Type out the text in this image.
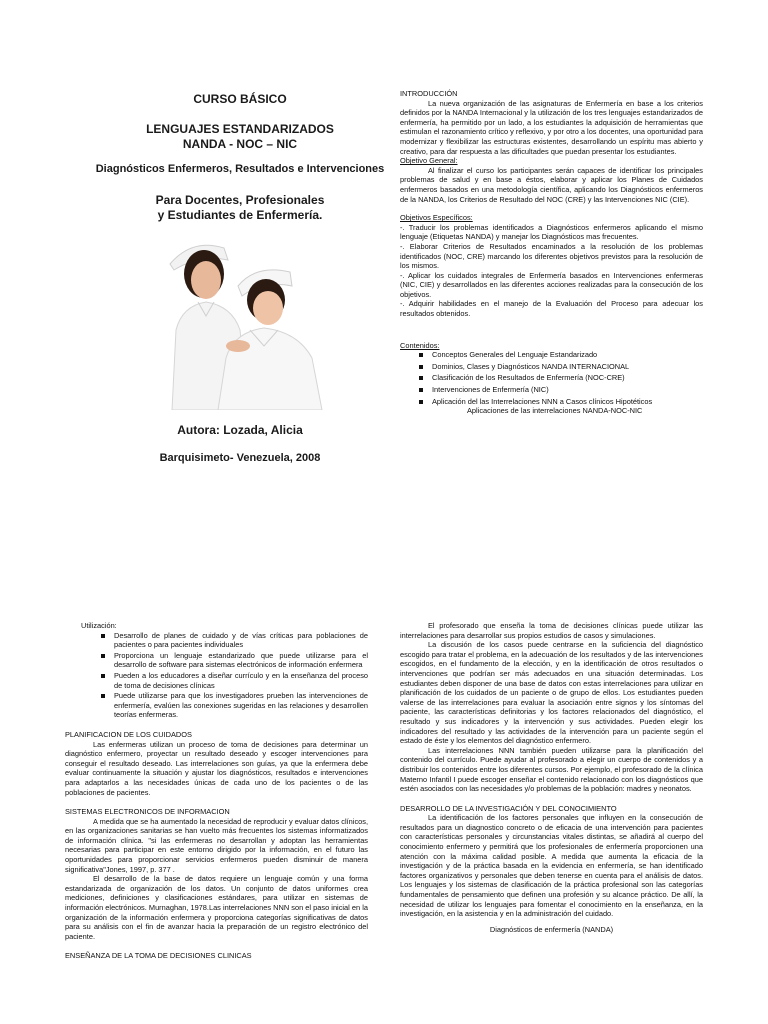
CURSO BÁSICO
LENGUAJES ESTANDARIZADOS
NANDA - NOC – NIC
Diagnósticos Enfermeros, Resultados e Intervenciones
Para Docentes, Profesionales
y Estudiantes de Enfermería.
Autora: Lozada, Alicia
Barquisimeto- Venezuela, 2008

INTRODUCCIÓN

La nueva organización de las asignaturas de Enfermería en base a los criterios definidos por la NANDA Internacional y la utilización de los tres lenguajes estandarizados de enfermería, ha permitido por un lado, a los estudiantes la adquisición de herramientas que estimulan el razonamiento crítico y reflexivo, y por otro a los docentes, una oportunidad para modernizar y flexibilizar las estructuras existentes, desarrollando un espíritu mas abierto y creativo, para dar respuesta a las dificultades que puedan presentar los estudiantes.

Objetivo General:

Al finalizar el curso los participantes serán capaces de identificar los principales problemas de salud y en base a éstos, elaborar y aplicar los Planes de Cuidados enfermeros basados en una metodología científica, aplicando los Diagnósticos enfermeros de la NANDA, los Criterios de Resultado del NOC (CRE) y las Intervenciones NIC (CIE).

Objetivos Específicos:

-. Traducir los problemas identificados a Diagnósticos enfermeros aplicando el mismo lenguaje (Etiquetas NANDA) y manejar los Diagnósticos mas frecuentes.

-. Elaborar Criterios de Resultados encaminados a la resolución de los problemas identificados (NOC, CRE) marcando los diferentes objetivos previstos para la resolución de los mismos.

-. Aplicar los cuidados integrales de Enfermería basados en Intervenciones enfermeras (NIC, CIE) y desarrollados en las diferentes acciones realizadas para la consecución de los objetivos.

-. Adquirir habilidades en el manejo de la Evaluación del Proceso para adecuar los resultados obtenidos.

Contenidos:

Conceptos Generales del Lenguaje Estandarizado
Dominios, Clases y Diagnósticos NANDA INTERNACIONAL
Clasificación de los Resultados de Enfermería (NOC-CRE)
Intervenciones de Enfermería (NIC)
Aplicación del las Interrelaciones NNN a Casos clínicos Hipotéticos

Aplicaciones de las interrelaciones NANDA-NOC-NIC

Utilización:

Desarrollo de planes de cuidado y de vías críticas para poblaciones de pacientes o para pacientes individuales
Proporciona un lenguaje estandarizado que puede utilizarse para el desarrollo de software para sistemas electrónicos de información enfermera
Pueden a los educadores a diseñar currículo y en la enseñanza del proceso de toma de decisiones clínicas
Puede utilizarse para que los investigadores prueben las intervenciones de enfermería, evalúen las conexiones sugeridas en las relaciones y desarrollen teorías enfermeras.

PLANIFICACION DE LOS CUIDADOS

Las enfermeras utilizan un proceso de toma de decisiones para determinar un diagnóstico enfermero, proyectar un resultado deseado y escoger intervenciones para conseguir el resultado deseado. Las interrelaciones son guías, ya que la enfermera debe evaluar continuamente la situación y ajustar los diagnósticos, resultados e intervenciones para adaptarlos a las necesidades únicas de cada uno de los pacientes o de las poblaciones de pacientes.

SISTEMAS ELECTRONICOS DE INFORMACION

A medida que se ha aumentado la necesidad de reproducir y evaluar datos clínicos, en las organizaciones sanitarias se han vuelto más frecuentes los sistemas informatizados de información clínica. "si las enfermeras no desarrollan y adoptan las herramientas necesarias para participar en este entorno dirigido por la información, en el futuro las oportunidades para proporcionar servicios enfermeros pueden disminuir de manera significativa"Jones, 1997, p. 377 .

El desarrollo de la base de datos requiere un lenguaje común y una forma estandarizada de organización de los datos. Un conjunto de datos uniformes crea mediciones, definiciones y clasificaciones estándares, para utilizar en sistemas de información electrónicos. Murnaghan, 1978.Las interrelaciones NNN son el paso inicial en la organización de la información enfermera y proporciona categorías significativas de datos para su análisis con el fin de avanzar hacia la preparación de un registro electrónico del paciente.

ENSEÑANZA DE LA TOMA DE DECISIONES CLINICAS

El profesorado que enseña la toma de decisiones clínicas puede utilizar las interrelaciones para desarrollar sus propios estudios de casos y simulaciones.

La discusión de los casos puede centrarse en la suficiencia del diagnóstico escogido para tratar el problema, en la adecuación de los resultados y de las intervenciones escogidos, en el fundamento de la elección, y en la identificación de otros resultados o intervenciones que podrían ser más adecuados en una situación determinadas. Los estudiantes deben disponer de una base de datos con estas interrelaciones para utilizar en planificación de los cuidados de un paciente o de grupo de ellos. Los estudiantes pueden valerse de las interrelaciones para evaluar la asociación entre signos y los síntomas del paciente, las características definitorias y los factores relacionados del diagnóstico, el resultado y sus indicadores y la intervención y sus actividades. Pueden elegir los indicadores del resultado y las actividades de la intervención para un paciente según el estado de éste y los elementos del diagnóstico enfermero.

Las interrelaciones NNN también pueden utilizarse para la planificación del contenido del currículo. Puede ayudar al profesorado a elegir un cuerpo de contenidos y a distribuir los contenidos entre los diferentes cursos. Por ejemplo, el profesorado de la clínica Materno Infantil I puede escoger enseñar el contenido relacionado con los diagnósticos que estén asociados con las necesidades y/o problemas de la población: madres y neonatos.

DESARROLLO DE LA INVESTIGACIÓN Y DEL CONOCIMIENTO

La identificación de los factores personales que influyen en la consecución de resultados para un diagnostico concreto o de eficacia de una intervención para pacientes con características personales y circunstancias vitales distintas, se añadirá al cuerpo del conocimiento enfermero y permitirá que los profesionales de enfermería proporcionen una atención con la máxima calidad posible. A medida que aumenta la eficacia de la investigación y de la práctica basada en la evidencia en enfermería, se han identificado factores organizativos y personales que deben tenerse en cuenta para el análisis de datos. Los lenguajes y los sistemas de clasificación de la práctica profesional son las categorías fundamentales de pensamiento que definen una profesión y su alcance práctico. De allí, la necesidad de utilizar los lenguajes para fomentar el conocimiento en la enseñanza, en la investigación, en la asistencia y en la administración del cuidado.

Diagnósticos de enfermería (NANDA)
